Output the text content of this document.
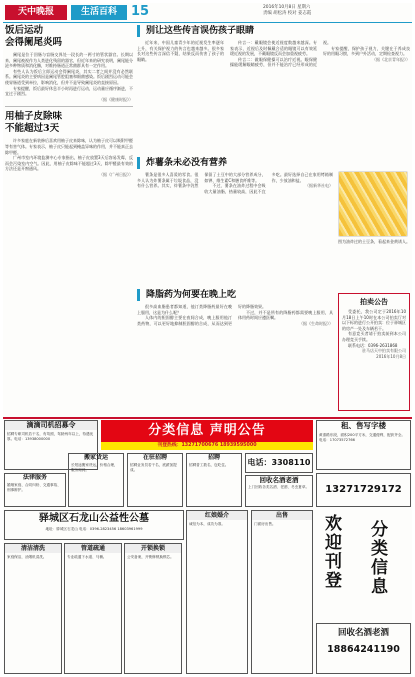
天中晚报	生活百科	15	2016年10月8日 星期六
责编 胡松涛 校对 姜志霞
饭后运动
会得阑尾炎吗

阑尾是位于回肠与盲肠交界处一段长约一两寸的管状器官。长期以来，阑尾被视作为人类进化残留的器官，但近年来的研究表明，阑尾能分泌多种物质和消化酶，对维持肠道正常菌群具有一定作用。

有些人认为饭后立即运动会得阑尾炎，其实二者之间并没有必然联系。阑尾炎的主要病因是阑尾管腔阻塞和细菌感染。饭后剧烈运动可能会使胃肠道受到牵拉，影响消化，但并不是导致阑尾炎的直接原因。

专家提醒，饭后最好休息半小时再进行运动，运动量应循序渐进，不宜过于剧烈。

（据《健康时报》）

用柚子皮除味
不能超过3天

许多家庭在新装修后喜欢用柚子皮来除味，认为柚子皮可以吸附甲醛等有害气体。专家表示，柚子皮只能起到掩盖异味的作用，并不能真正去除甲醛。

广州市室内环境监测中心专家指出，柚子皮放置3天后容易发霉，反而会污染室内空气。因此，用柚子皮除味不能超过3天，除甲醛最有效的方法还是开窗通风。

（据《广州日报》）

别让这些传言误伤孩子眼睛

近年来，中国儿童青少年的近视发生率逐年上升，有关保护视力的传言也越来越多。很多家长对这些传言深信不疑，结果反而伤害了孩子的眼睛。

传言一：戴眼镜会使近视度数越来越深。专家表示，近视后及时佩戴合适的眼镜可以有效延缓近视的发展，不戴眼镜反而会加重视疲劳。

传言二：做眼保健操可以治疗近视。眼保健操能缓解眼睛疲劳，但并不能治疗已经形成的近视。

专家提醒，保护孩子视力，关键在于养成良好的用眼习惯，多到户外活动，定期检查视力。

（据《北京青年报》）

炸薯条未必没有营养

薯条是很多人喜爱的零食。很多人认为炸薯条属于垃圾食品，没有什么营养。其实，炸薯条中仍然保留了土豆中的大部分营养成分，如钾、维生素C和膳食纤维等。

不过，薯条在油炸过程中会吸收大量油脂，热量较高，因此不宜多吃。最好选择自己在家用烤箱制作，少放油和盐。

（据新华社电）

图为油炸过的土豆条，看起来金黄诱人。

降脂药为何要在晚上吃

很多高血脂患者都知道，他汀类降脂药最好在晚上服用，这是为什么呢？

人体内的胆固醇主要在夜间合成，晚上服用他汀类药物，可以更好地抑制胆固醇的合成，从而达到更好的降脂效果。

不过，并不是所有的降脂药都需要晚上服用，具体用药时间应遵医嘱。

（据《生命时报》）

拍卖公告

受委托，我公司定于2016年10月18日上午10时在本公司拍卖厅对以下标的进行公开拍卖：位于驿城区的房产一处及车辆若干。

有意竞买者请于拍卖前到本公司办理竞买手续。

联系电话：0396-2631868

驻马店天中拍卖有限公司

2016年10月8日

分类信息 声明公告
刊登热线：13271700676 18939595000
滴滴司机招募令
招聘专职司机若干名，有驾照，驾龄两年以上，待遇优厚。电话：13938000000
租、售写字楼
黄淮路东段，面积200平方米，交通便利，配套齐全。电话：17073572766
法律服务
婚姻家庭、合同纠纷、交通事故、刑事辩护。
搬家货运
长短途搬家货运，价格合理，服务周到。
在驻招聘
招聘业务员若干名，底薪加提成。
招聘
招聘普工数名，包吃住。	电话：3308110
回收名酒老酒
上门回收各类名酒、老酒、冬虫夏草。	13271729172
驿城区石龙山公益性公墓
地址：驿城区石龙山 电话：0396-2823456 18603961999
清洁清洗
家庭保洁，油烟机清洗。
管道疏通
专业疏通下水道、马桶。
开锁换锁
公安备案，开锁修锁换锁芯。
红娘婚介
诚信为本，成功为准。
出售
门面房出售。	欢迎刊登 分类信息
回收名酒老酒
18864241190
